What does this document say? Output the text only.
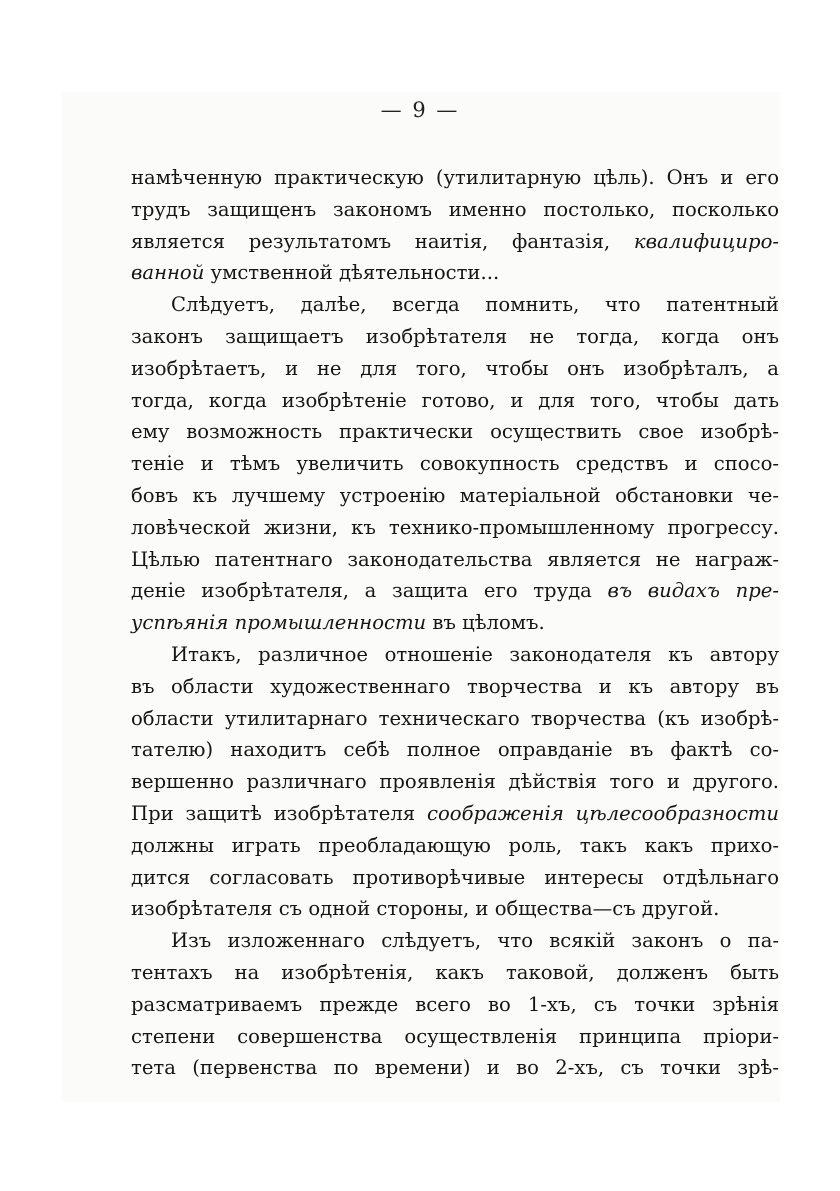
— 9 —

намѣченную практическую (утилитарную цѣль). Онъ и его

трудъ защищенъ закономъ именно постолько, посколько

является результатомъ наитія, фантазія, квалифициро-

ванной умственной дѣятельности...

Слѣдуетъ, далѣе, всегда помнить, что патентный

законъ защищаетъ изобрѣтателя не тогда, когда онъ

изобрѣтаетъ, и не для того, чтобы онъ изобрѣталъ, а

тогда, когда изобрѣтеніе готово, и для того, чтобы дать

ему возможность практически осуществить свое изобрѣ-

теніе и тѣмъ увеличить совокупность средствъ и спосо-

бовъ къ лучшему устроенію матеріальной обстановки че-

ловѣческой жизни, къ технико-промышленному прогрессу.

Цѣлью патентнаго законодательства является не награж-

деніе изобрѣтателя, а защита его труда въ видахъ пре-

успѣянія промышленности въ цѣломъ.

Итакъ, различное отношеніе законодателя къ автору

въ области художественнаго творчества и къ автору въ

области утилитарнаго техническаго творчества (къ изобрѣ-

тателю) находитъ себѣ полное оправданіе въ фактѣ со-

вершенно различнаго проявленія дѣйствія того и другого.

При защитѣ изобрѣтателя соображенія цѣлесообразности

должны играть преобладающую роль, такъ какъ прихо-

дится согласовать противорѣчивые интересы отдѣльнаго

изобрѣтателя съ одной стороны, и общества—съ другой.

Изъ изложеннаго слѣдуетъ, что всякій законъ о па-

тентахъ на изобрѣтенія, какъ таковой, долженъ быть

разсматриваемъ прежде всего во 1-хъ, съ точки зрѣнія

степени совершенства осуществленія принципа пріори-

тета (первенства по времени) и во 2-хъ, съ точки зрѣ-
